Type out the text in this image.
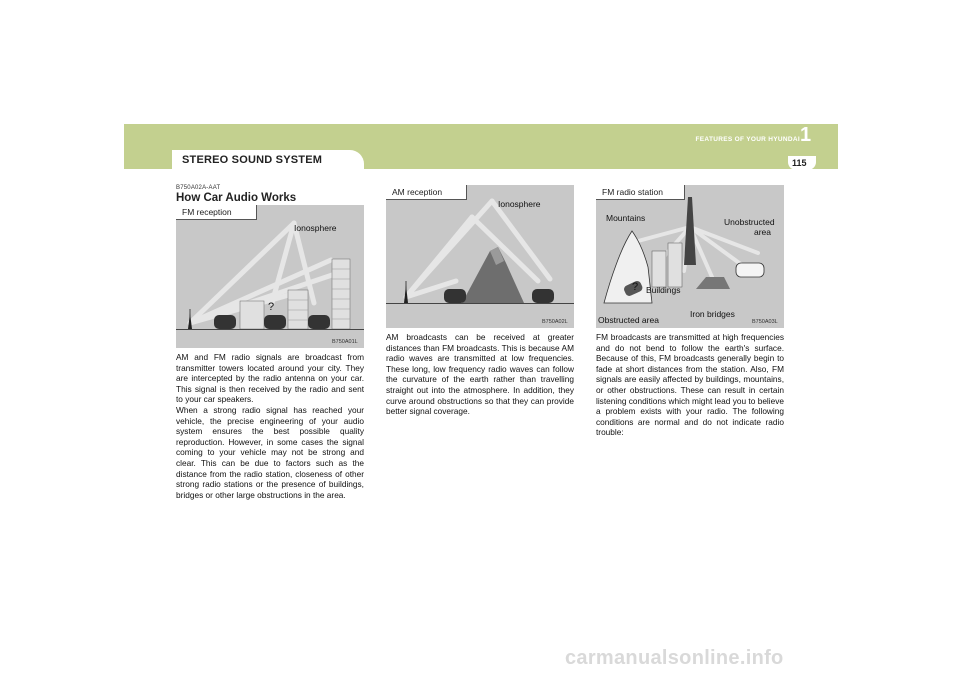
STEREO SOUND SYSTEM
FEATURES OF YOUR HYUNDAI 1
115
B750A02A-AAT
How Car Audio Works
FM reception
Ionosphere
?
B750A01L

AM and FM radio signals are broadcast from transmitter towers located around your city. They are intercepted by the radio antenna on your car. This signal is then received by the radio and sent to your car speakers.

When a strong radio signal has reached your vehicle, the precise engineering of your audio system ensures the best possible quality reproduction. However, in some cases the signal coming to your vehicle may not be strong and clear. This can be due to factors such as the distance from the radio station, closeness of other strong radio stations or the presence of buildings, bridges or other large obstructions in the area.

AM reception
Ionosphere
B750A02L

AM broadcasts can be received at greater distances than FM broadcasts. This is because AM radio waves are transmitted at low frequencies. These long, low frequency radio waves can follow the curvature of the earth rather than travelling straight out into the atmosphere. In addition, they curve around obstructions so that they can provide better signal coverage.

FM radio station
Mountains	Unobstructed
area
Buildings
?
Iron bridges
Obstructed area	B750A03L

FM broadcasts are transmitted at high frequencies and do not bend to follow the earth's surface. Because of this, FM broadcasts generally begin to fade at short distances from the station. Also, FM signals are easily affected by buildings, mountains, or other obstructions. These can result in certain listening conditions which might lead you to believe a problem exists with your radio. The following conditions are normal and do not indicate radio trouble:

carmanualsonline.info
